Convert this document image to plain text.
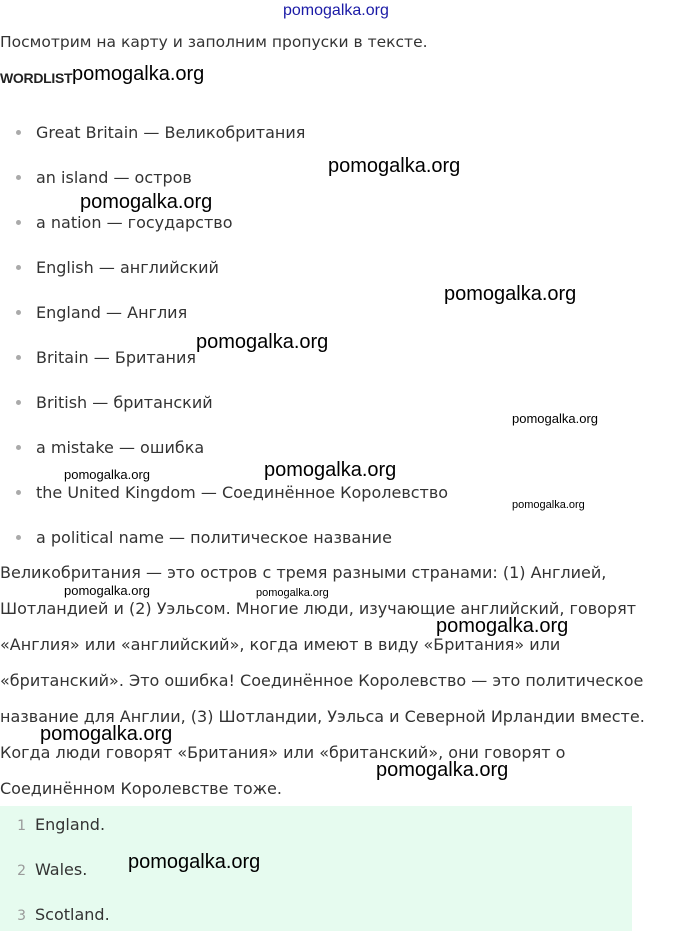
pomogalka.org
Посмотрим на карту и заполним пропуски в тексте.
WORDLIST
Great Britain — Великобритания
an island — остров
a nation — государство
English — английский
England — Англия
Britain — Британия
British — британский
a mistake — ошибка
the United Kingdom — Соединённое Королевство
a political name — политическое название
Великобритания — это остров с тремя разными странами: (1) Англией,
Шотландией и (2) Уэльсом. Многие люди, изучающие английский, говорят
«Англия» или «английский», когда имеют в виду «Британия» или
«британский». Это ошибка! Соединённое Королевство — это политическое
название для Англии, (3) Шотландии, Уэльса и Северной Ирландии вместе.
Когда люди говорят «Британия» или «британский», они говорят о
Соединённом Королевстве тоже.
1 England.
2 Wales.
3 Scotland.
pomogalka.org
pomogalka.org
pomogalka.org
pomogalka.org
pomogalka.org
pomogalka.org
pomogalka.org
pomogalka.org
pomogalka.org
pomogalka.org
pomogalka.org
pomogalka.org
pomogalka.org
pomogalka.org
pomogalka.org
